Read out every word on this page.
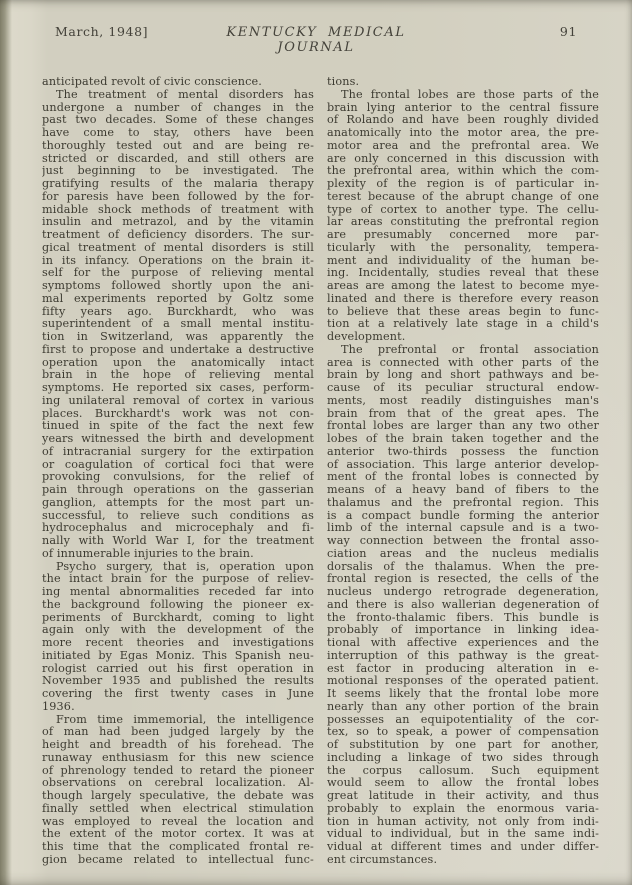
March, 1948]	KENTUCKY MEDICAL JOURNAL
91
anticipated revolt of civic conscience.
The treatment of mental disorders has
undergone a number of changes in the
past two decades. Some of these changes
have come to stay, others have been
thoroughly tested out and are being re-
stricted or discarded, and still others are
just beginning to be investigated. The
gratifying results of the malaria therapy
for paresis have been followed by the for-
midable shock methods of treatment with
insulin and metrazol, and by the vitamin
treatment of deficiency disorders. The sur-
gical treatment of mental disorders is still
in its infancy. Operations on the brain it-
self for the purpose of relieving mental
symptoms followed shortly upon the ani-
mal experiments reported by Goltz some
fifty years ago. Burckhardt, who was
superintendent of a small mental institu-
tion in Switzerland, was apparently the
first to propose and undertake a destructive
operation upon the anatomically intact
brain in the hope of relieving mental
symptoms. He reported six cases, perform-
ing unilateral removal of cortex in various
places. Burckhardt's work was not con-
tinued in spite of the fact the next few
years witnessed the birth and development
of intracranial surgery for the extirpation
or coagulation of cortical foci that were
provoking convulsions, for the relief of
pain through operations on the gasserian
ganglion, attempts for the most part un-
successful, to relieve such conditions as
hydrocephalus and microcephaly and fi-
nally with World War I, for the treatment
of innumerable injuries to the brain.
Psycho surgery, that is, operation upon
the intact brain for the purpose of reliev-
ing mental abnormalities receded far into
the background following the pioneer ex-
periments of Burckhardt, coming to light
again only with the development of the
more recent theories and investigations
initiated by Egas Moniz. This Spanish neu-
rologist carried out his first operation in
November 1935 and published the results
covering the first twenty cases in June
1936.
From time immemorial, the intelligence
of man had been judged largely by the
height and breadth of his forehead. The
runaway enthusiasm for this new science
of phrenology tended to retard the pioneer
observations on cerebral localization. Al-
though largely speculative, the debate was
finally settled when electrical stimulation
was employed to reveal the location and
the extent of the motor cortex. It was at
this time that the complicated frontal re-
gion became related to intellectual func-
tions.
The frontal lobes are those parts of the
brain lying anterior to the central fissure
of Rolando and have been roughly divided
anatomically into the motor area, the pre-
motor area and the prefrontal area. We
are only concerned in this discussion with
the prefrontal area, within which the com-
plexity of the region is of particular in-
terest because of the abrupt change of one
type of cortex to another type. The cellu-
lar areas constituting the prefrontal region
are presumably concerned more par-
ticularly with the personality, tempera-
ment and individuality of the human be-
ing. Incidentally, studies reveal that these
areas are among the latest to become mye-
linated and there is therefore every reason
to believe that these areas begin to func-
tion at a relatively late stage in a child's
development.
The prefrontal or frontal association
area is connected with other parts of the
brain by long and short pathways and be-
cause of its peculiar structural endow-
ments, most readily distinguishes man's
brain from that of the great apes. The
frontal lobes are larger than any two other
lobes of the brain taken together and the
anterior two-thirds possess the function
of association. This large anterior develop-
ment of the frontal lobes is connected by
means of a heavy band of fibers to the
thalamus and the prefrontal region. This
is a compact bundle forming the anterior
limb of the internal capsule and is a two-
way connection between the frontal asso-
ciation areas and the nucleus medialis
dorsalis of the thalamus. When the pre-
frontal region is resected, the cells of the
nucleus undergo retrograde degeneration,
and there is also wallerian degeneration of
the fronto-thalamic fibers. This bundle is
probably of importance in linking idea-
tional with affective experiences and the
interruption of this pathway is the great-
est factor in producing alteration in e-
motional responses of the operated patient.
It seems likely that the frontal lobe more
nearly than any other portion of the brain
possesses an equipotentiality of the cor-
tex, so to speak, a power of compensation
of substitution by one part for another,
including a linkage of two sides through
the corpus callosum. Such equipment
would seem to allow the frontal lobes
great latitude in their activity, and thus
probably to explain the enormous varia-
tion in human activity, not only from indi-
vidual to individual, but in the same indi-
vidual at different times and under differ-
ent circumstances.
